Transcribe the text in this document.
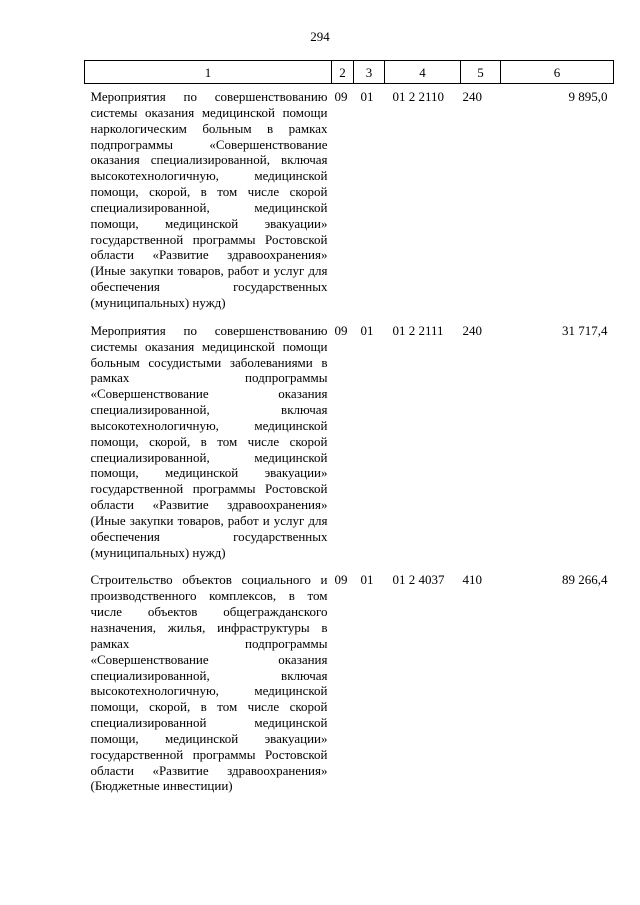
294
1	2	3	4	5	6
Мероприятия по совершенствованию системы оказания медицинской помощи наркологическим больным в рамках подпрограммы «Совершенствование оказания специализированной, включая высокотехнологичную, медицинской помощи, скорой, в том числе скорой специализированной, медицинской помощи, медицинской эвакуации» государственной программы Ростовской области «Развитие здравоохранения» (Иные закупки товаров, работ и услуг для обеспечения государственных (муниципальных) нужд)	09	01	01 2 2110	240	9 895,0
Мероприятия по совершенствованию системы оказания медицинской помощи больным сосудистыми заболеваниями в рамках подпрограммы «Совершенствование оказания специализированной, включая высокотехнологичную, медицинской помощи, скорой, в том числе скорой специализированной, медицинской помощи, медицинской эвакуации» государственной программы Ростовской области «Развитие здравоохранения» (Иные закупки товаров, работ и услуг для обеспечения государственных (муниципальных) нужд)	09	01	01 2 2111	240	31 717,4
Строительство объектов социального и производственного комплексов, в том числе объектов общегражданского назначения, жилья, инфраструктуры в рамках подпрограммы «Совершенствование оказания специализированной, включая высокотехнологичную, медицинской помощи, скорой, в том числе скорой специализированной медицинской помощи, медицинской эвакуации» государственной программы Ростовской области «Развитие здравоохранения» (Бюджетные инвестиции)	09	01	01 2 4037	410	89 266,4
